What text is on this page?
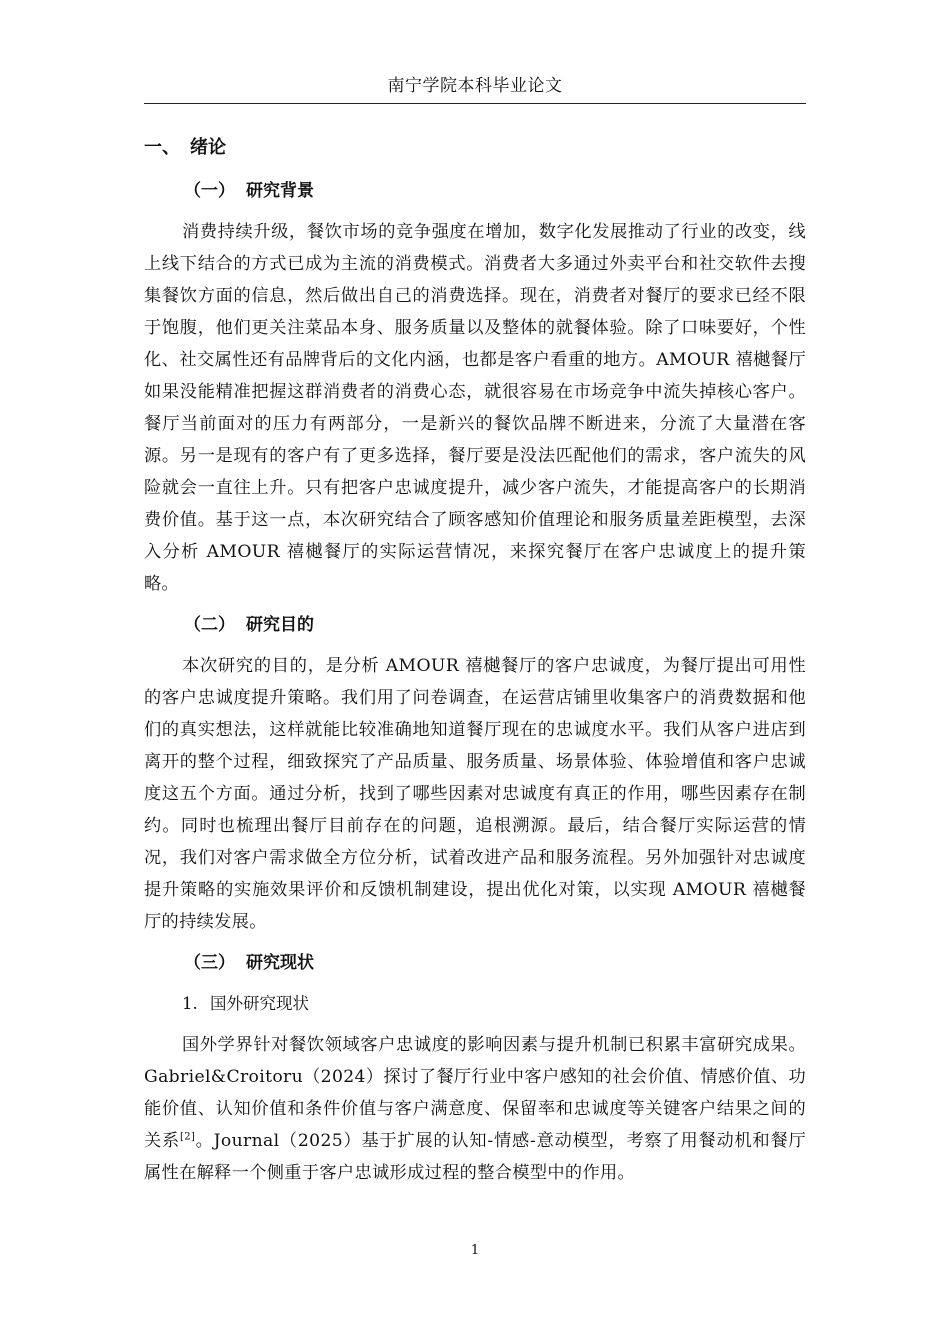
南宁学院本科毕业论文
一、 绪论
（一） 研究背景

消费持续升级，餐饮市场的竞争强度在增加，数字化发展推动了行业的改变，线上线下结合的方式已成为主流的消费模式。消费者大多通过外卖平台和社交软件去搜集餐饮方面的信息，然后做出自己的消费选择。现在，消费者对餐厅的要求已经不限于饱腹，他们更关注菜品本身、服务质量以及整体的就餐体验。除了口味要好，个性化、社交属性还有品牌背后的文化内涵，也都是客户看重的地方。AMOUR 禧樾餐厅如果没能精准把握这群消费者的消费心态，就很容易在市场竞争中流失掉核心客户。餐厅当前面对的压力有两部分，一是新兴的餐饮品牌不断进来，分流了大量潜在客源。另一是现有的客户有了更多选择，餐厅要是没法匹配他们的需求，客户流失的风险就会一直往上升。只有把客户忠诚度提升，减少客户流失，才能提高客户的长期消费价值。基于这一点，本次研究结合了顾客感知价值理论和服务质量差距模型，去深入分析 AMOUR 禧樾餐厅的实际运营情况，来探究餐厅在客户忠诚度上的提升策略。

（二） 研究目的

本次研究的目的，是分析 AMOUR 禧樾餐厅的客户忠诚度，为餐厅提出可用性的客户忠诚度提升策略。我们用了问卷调查，在运营店铺里收集客户的消费数据和他们的真实想法，这样就能比较准确地知道餐厅现在的忠诚度水平。我们从客户进店到离开的整个过程，细致探究了产品质量、服务质量、场景体验、体验增值和客户忠诚度这五个方面。通过分析，找到了哪些因素对忠诚度有真正的作用，哪些因素存在制约。同时也梳理出餐厅目前存在的问题，追根溯源。最后，结合餐厅实际运营的情况，我们对客户需求做全方位分析，试着改进产品和服务流程。另外加强针对忠诚度提升策略的实施效果评价和反馈机制建设，提出优化对策，以实现 AMOUR 禧樾餐厅的持续发展。

（三） 研究现状
1. 国外研究现状

国外学界针对餐饮领域客户忠诚度的影响因素与提升机制已积累丰富研究成果。Gabriel&Croitoru（2024）探讨了餐厅行业中客户感知的社会价值、情感价值、功能价值、认知价值和条件价值与客户满意度、保留率和忠诚度等关键客户结果之间的关系[2]。Journal（2025）基于扩展的认知-情感-意动模型，考察了用餐动机和餐厅属性在解释一个侧重于客户忠诚形成过程的整合模型中的作用。

1
